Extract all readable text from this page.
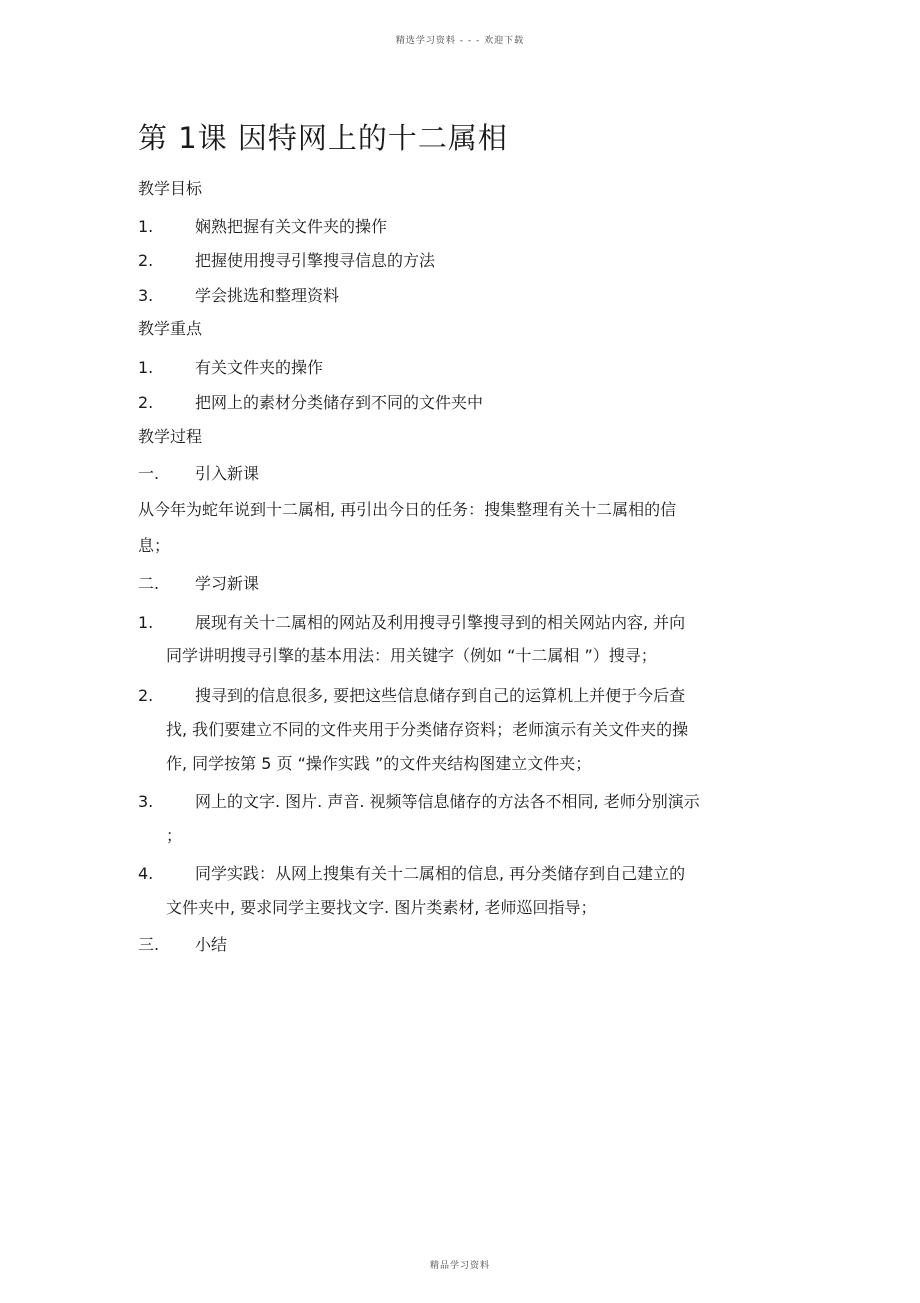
精选学习资料 - - - 欢迎下载
第 1课 因特网上的十二属相
教学目标
1.	娴熟把握有关文件夹的操作
2.	把握使用搜寻引擎搜寻信息的方法
3.	学会挑选和整理资料
教学重点
1.	有关文件夹的操作
2.	把网上的素材分类储存到不同的文件夹中
教学过程
一. 引入新课
从今年为蛇年说到十二属相, 再引出今日的任务：搜集整理有关十二属相的信
息；
二. 学习新课
1.	展现有关十二属相的网站及利用搜寻引擎搜寻到的相关网站内容, 并向
同学讲明搜寻引擎的基本用法：用关键字（例如 “十二属相 ”）搜寻；
2.	搜寻到的信息很多, 要把这些信息储存到自己的运算机上并便于今后查
找, 我们要建立不同的文件夹用于分类储存资料；老师演示有关文件夹的操
作, 同学按第 5 页 “操作实践 ”的文件夹结构图建立文件夹；
3.	网上的文字. 图片. 声音. 视频等信息储存的方法各不相同, 老师分别演示
；
4.	同学实践：从网上搜集有关十二属相的信息, 再分类储存到自己建立的
文件夹中, 要求同学主要找文字. 图片类素材, 老师巡回指导；
三. 小结
精品学习资料
